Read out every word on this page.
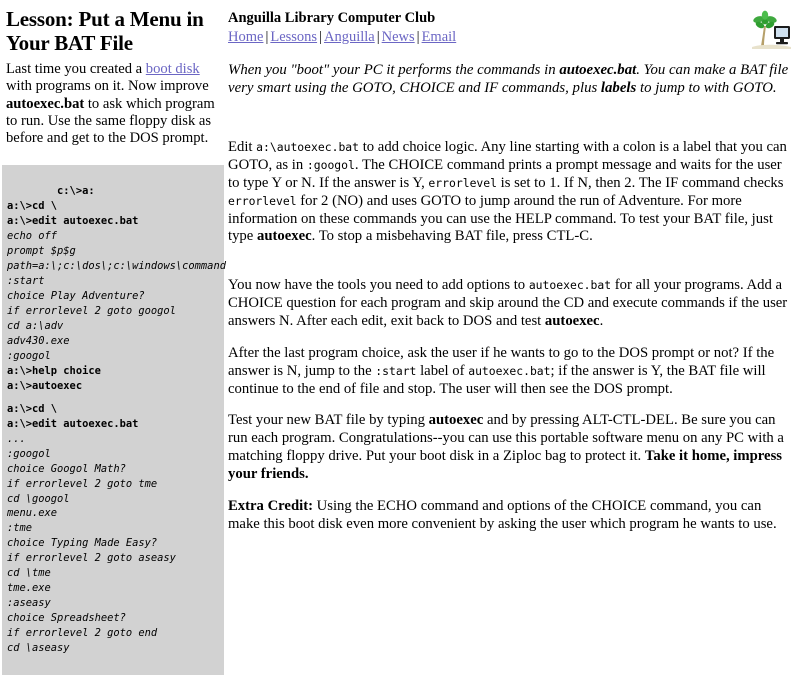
Lesson: Put a Menu in Your BAT File
Anguilla Library Computer Club
Home | Lessons | Anguilla | News | Email

Last time you created a boot disk with programs on it. Now improve autoexec.bat to ask which program to run. Use the same floppy disk as before and get to the DOS prompt.

c:\>a:
a:\>cd \
a:\>edit autoexec.bat
echo off
prompt $p$g
path=a:\;c:\dos\;c:\windows\command
:start
choice Play Adventure?
if errorlevel 2 goto googol
cd a:\adv
adv430.exe
:googol
a:\>help choice
a:\>autoexec

a:\>cd \
a:\>edit autoexec.bat
...
:googol
choice Googol Math?
if errorlevel 2 goto tme
cd \googol
menu.exe
:tme
choice Typing Made Easy?
if errorlevel 2 goto aseasy
cd \tme
tme.exe
:aseasy
choice Spreadsheet?
if errorlevel 2 goto end
cd \aseasy

When you "boot" your PC it performs the commands in autoexec.bat. You can make a BAT file very smart using the GOTO, CHOICE and IF commands, plus labels to jump to with GOTO.

Edit a:\autoexec.bat to add choice logic. Any line starting with a colon is a label that you can GOTO, as in :googol. The CHOICE command prints a prompt message and waits for the user to type Y or N. If the answer is Y, errorlevel is set to 1. If N, then 2. The IF command checks errorlevel for 2 (NO) and uses GOTO to jump around the run of Adventure. For more information on these commands you can use the HELP command. To test your BAT file, just type autoexec. To stop a misbehaving BAT file, press CTL-C.

You now have the tools you need to add options to autoexec.bat for all your programs. Add a CHOICE question for each program and skip around the CD and execute commands if the user answers N. After each edit, exit back to DOS and test autoexec.

After the last program choice, ask the user if he wants to go to the DOS prompt or not? If the answer is N, jump to the :start label of autoexec.bat; if the answer is Y, the BAT file will continue to the end of file and stop. The user will then see the DOS prompt.

Test your new BAT file by typing autoexec and by pressing ALT-CTL-DEL. Be sure you can run each program. Congratulations--you can use this portable software menu on any PC with a matching floppy drive. Put your boot disk in a Ziploc bag to protect it. Take it home, impress your friends.

Extra Credit: Using the ECHO command and options of the CHOICE command, you can make this boot disk even more convenient by asking the user which program he wants to use.
